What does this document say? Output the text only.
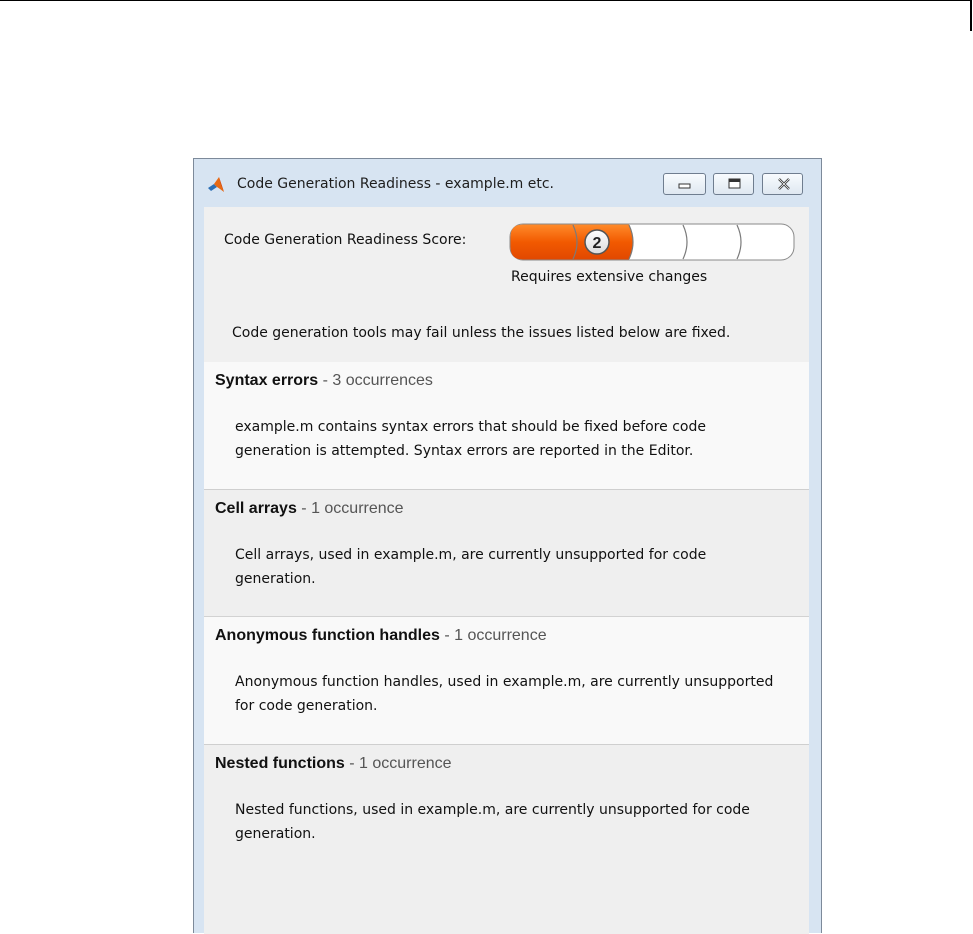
Code Generation Readiness - example.m etc.
Code Generation Readiness Score:	2
Requires extensive changes
Code generation tools may fail unless the issues listed below are fixed.
Syntax errors - 3 occurrences
example.m contains syntax errors that should be fixed before code generation is attempted. Syntax errors are reported in the Editor.
Cell arrays - 1 occurrence
Cell arrays, used in example.m, are currently unsupported for code generation.
Anonymous function handles - 1 occurrence
Anonymous function handles, used in example.m, are currently unsupported for code generation.
Nested functions - 1 occurrence
Nested functions, used in example.m, are currently unsupported for code generation.
